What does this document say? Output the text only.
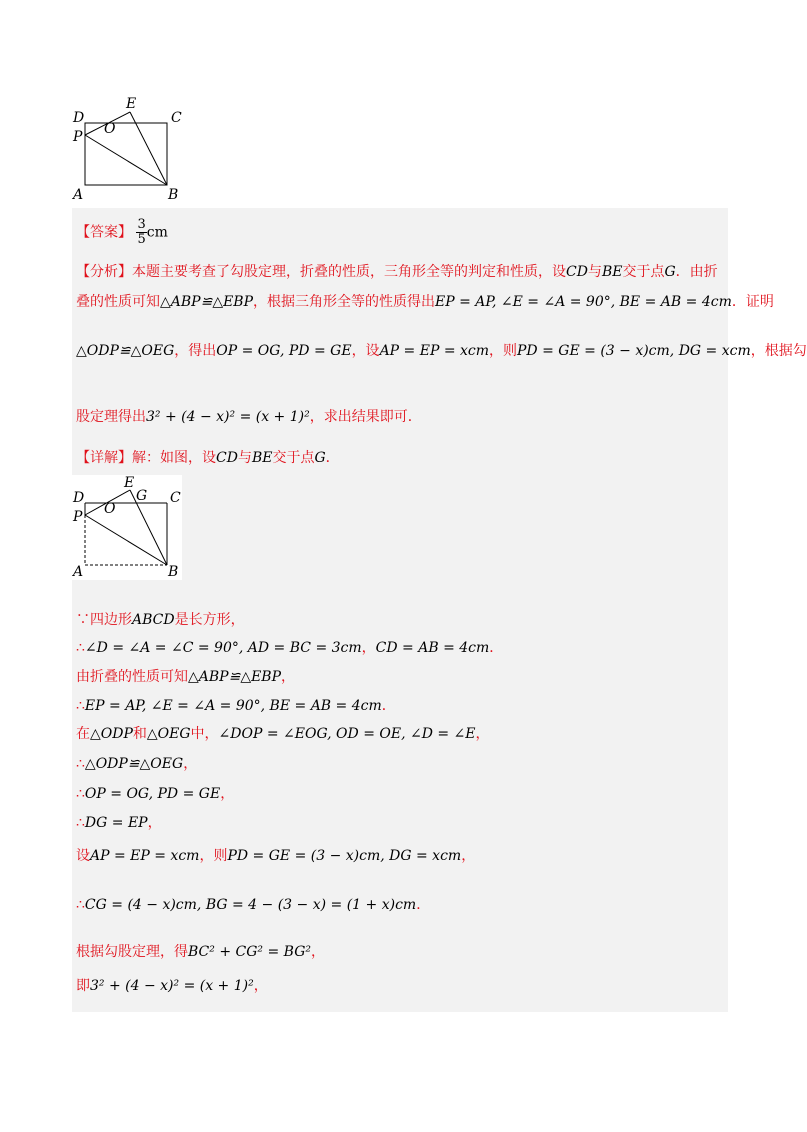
D
E
C
O
P
A	B
【答案】 $\frac{3}{5}$ cm
【分析】本题主要考查了勾股定理，折叠的性质，三角形全等的判定和性质，设CD与BE交于点G．由折
叠的性质可知△ABP≌△EBP，根据三角形全等的性质得出EP = AP, ∠E = ∠A = 90°, BE = AB = 4cm．证明
△ODP≌△OEG，得出OP = OG, PD = GE，设AP = EP = xcm，则PD = GE = (3 − x)cm, DG = xcm，根据勾
股定理得出3² + (4 − x)² = (x + 1)²，求出结果即可．
【详解】解：如图，设CD与BE交于点G．
D
E
G C
O
P
A	B
∵四边形ABCD是长方形，
∴∠D = ∠A = ∠C = 90°, AD = BC = 3cm，CD = AB = 4cm．
由折叠的性质可知△ABP≌△EBP，
∴EP = AP, ∠E = ∠A = 90°, BE = AB = 4cm．
在△ODP和△OEG中，∠DOP = ∠EOG, OD = OE, ∠D = ∠E，
∴△ODP≌△OEG，
∴OP = OG, PD = GE，
∴DG = EP，
设AP = EP = xcm，则PD = GE = (3 − x)cm, DG = xcm，
∴CG = (4 − x)cm, BG = 4 − (3 − x) = (1 + x)cm．
根据勾股定理，得BC² + CG² = BG²，
即3² + (4 − x)² = (x + 1)²，
